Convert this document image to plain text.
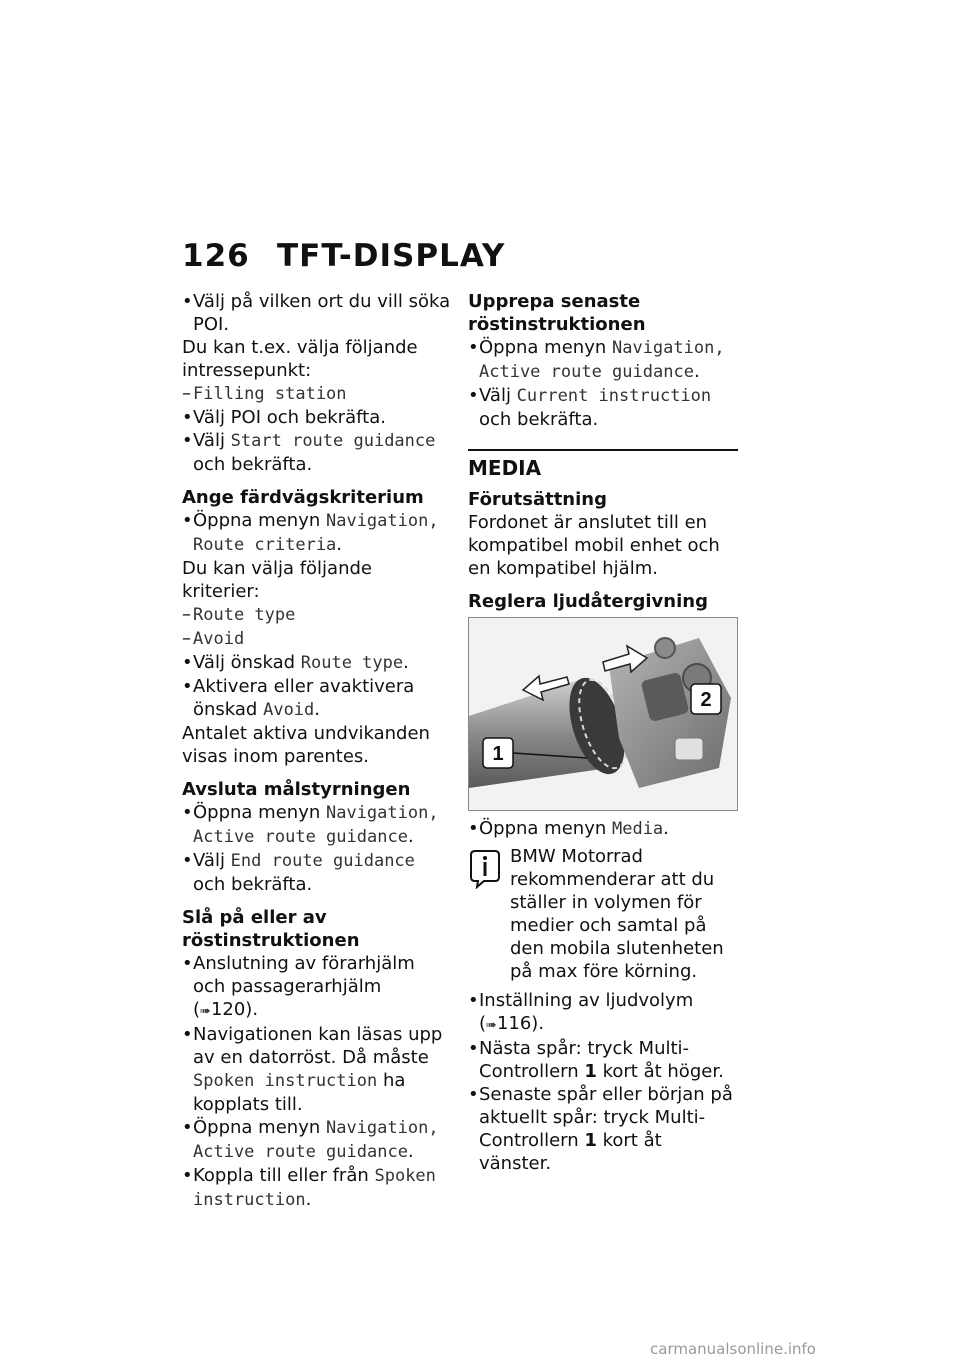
126 TFT-DISPLAY

• Välj på vilken ort du vill söka POI.

Du kan t.ex. välja följande intressepunkt:

– Filling station

• Välj POI och bekräfta.

• Välj Start route guidance och bekräfta.

Ange färdvägskriterium

• Öppna menyn Navigation, Route criteria.

Du kan välja följande kriterier:

– Route type

– Avoid

• Välj önskad Route type.

• Aktivera eller avaktivera önskad Avoid.

Antalet aktiva undvikanden visas inom parentes.

Avsluta målstyrningen

• Öppna menyn Navigation, Active route guidance.

• Välj End route guidance och bekräfta.

Slå på eller av röstinstruktionen

• Anslutning av förarhjälm och passagerarhjälm (➠120).

• Navigationen kan läsas upp av en datorröst. Då måste Spoken instruction ha kopplats till.

• Öppna menyn Navigation, Active route guidance.

• Koppla till eller från Spoken instruction.

Upprepa senaste röstinstruktionen

• Öppna menyn Navigation, Active route guidance.

• Välj Current instruction och bekräfta.

MEDIA

Förutsättning

Fordonet är anslutet till en kompatibel mobil enhet och en kompatibel hjälm.

Reglera ljudåtergivning

1
2

• Öppna menyn Media.

BMW Motorrad rekommenderar att du ställer in volymen för medier och samtal på den mobila slutenheten på max före körning.

• Inställning av ljudvolym (➠116).

• Nästa spår: tryck Multi-Controllern 1 kort åt höger.

• Senaste spår eller början på aktuellt spår: tryck Multi-Controllern 1 kort åt vänster.

carmanualsonline.info
